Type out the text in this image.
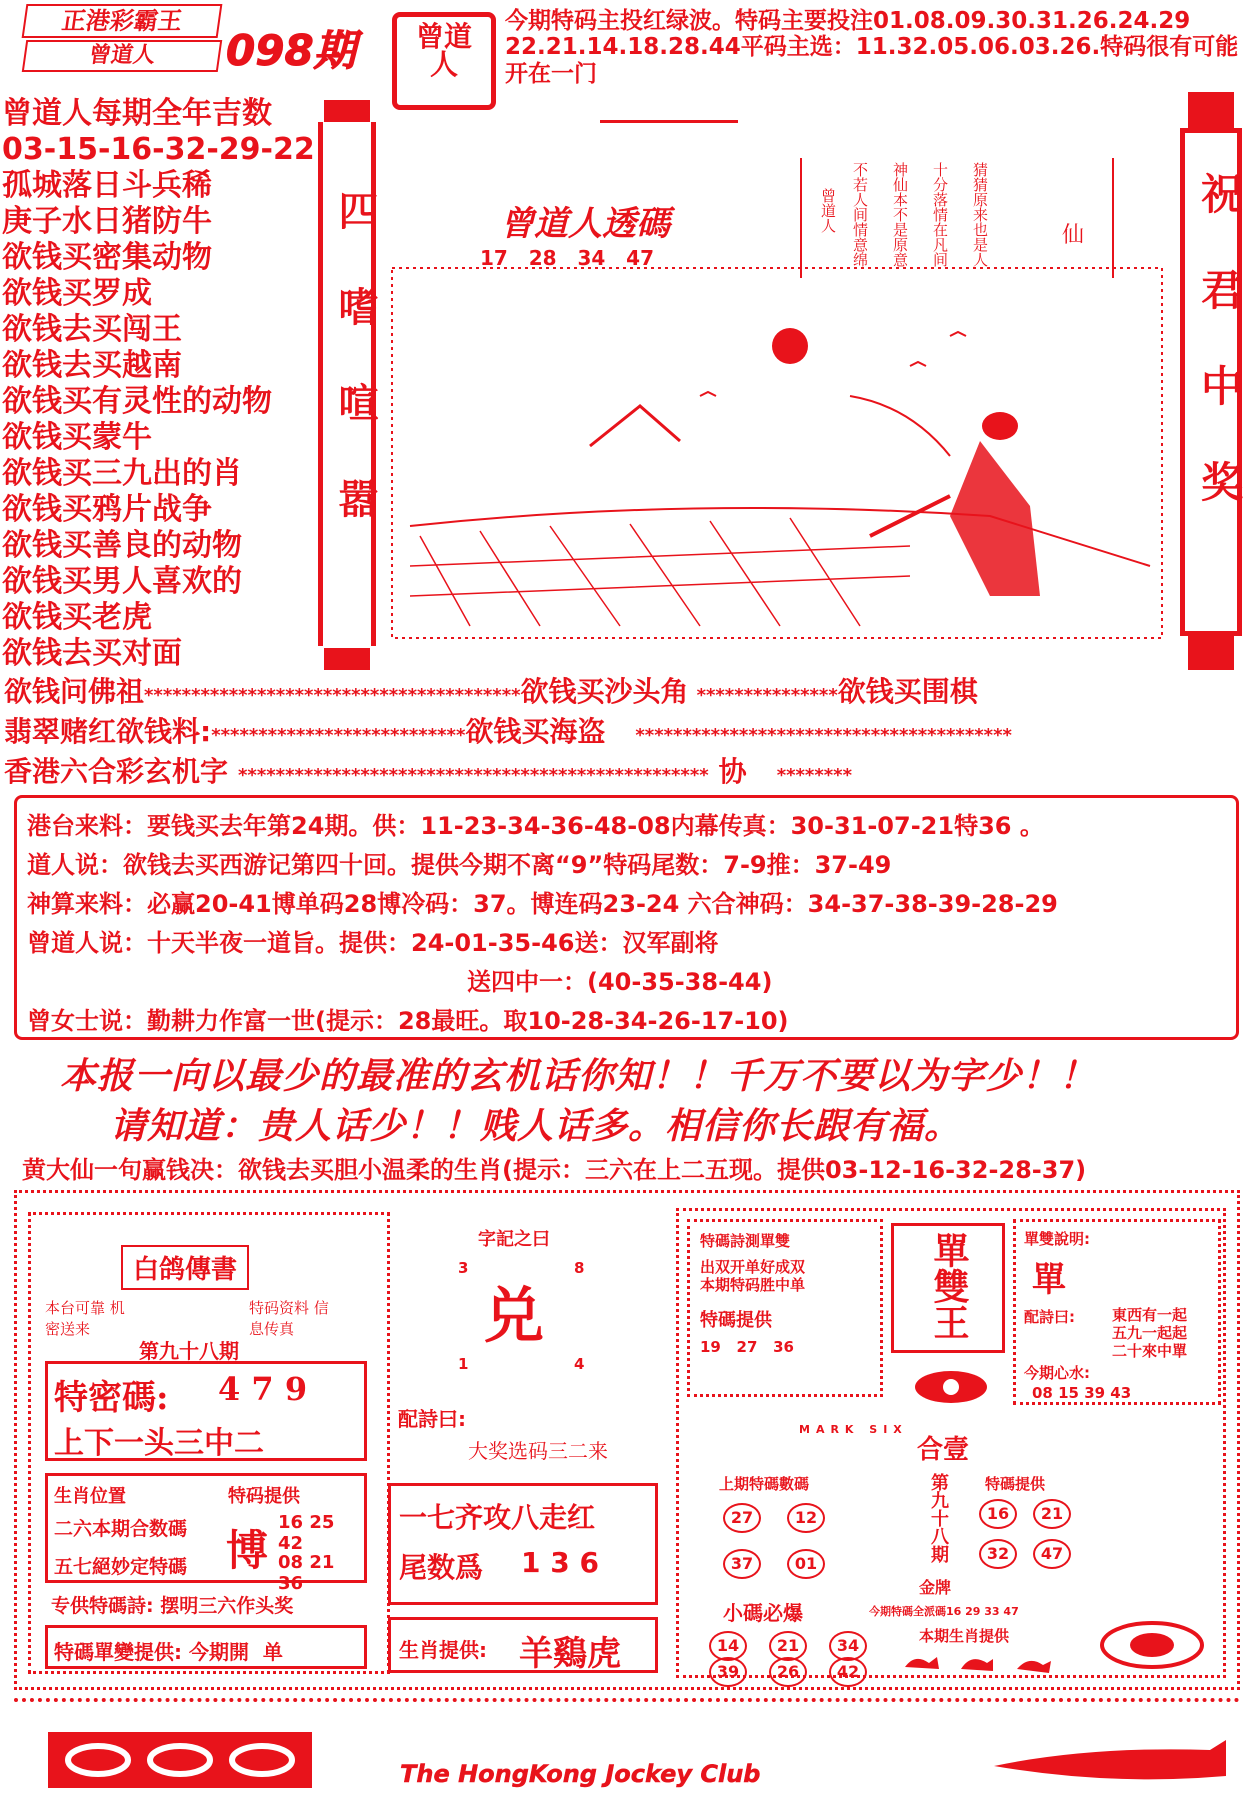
正港彩霸王
曾道人	098期 曾道人
今期特码主投红绿波。特码主要投注01.08.09.30.31.26.24.29
22.21.14.18.28.44平码主选：11.32.05.06.03.26.特码很有可能
开在一门
曾道人每期全年吉数
03-15-16-32-29-22
孤城落日斗兵稀
庚子水日猪防牛
欲钱买密集动物
欲钱买罗成
欲钱去买闯王
欲钱去买越南
欲钱买有灵性的动物
欲钱买蒙牛
欲钱买三九出的肖
欲钱买鸦片战争
欲钱买善良的动物
欲钱买男人喜欢的
欲钱买老虎
欲钱去买对面
四嗜喧嚣	祝君中奖
曾道人透碼
17   28   34   47
曾道人 不若人间情意绵 神仙本不是原意 十分落情在凡间 猜猜原来也是人	仙
欲钱问佛祖****************************************欲钱买沙头角 ***************欲钱买围棋
翡翠赌红欲钱料:***************************欲钱买海盗 ****************************************
香港六合彩玄机字 ************************************************** 协 ********
港台来料：要钱买去年第24期。供：11-23-34-36-48-08内幕传真：30-31-07-21特36 。
道人说：欲钱去买西游记第四十回。提供今期不离“9”特码尾数：7-9推：37-49
神算来料：必赢20-41博单码28博冷码：37。博连码23-24 六合神码：34-37-38-39-28-29
曾道人说：十天半夜一道旨。提供：24-01-35-46送：汉军副将
送四中一：(40-35-38-44)
曾女士说：勤耕力作富一世(提示：28最旺。取10-28-34-26-17-10)
本报一向以最少的最准的玄机话你知！！千万不要以为字少！！
请知道：贵人话少！！贱人话多。相信你长跟有福。
黄大仙一句赢钱决：欲钱去买胆小温柔的生肖(提示：三六在上二五现。提供03-12-16-32-28-37)
白鸽傳書
本台可靠 机密送来
特码资料 信息传真
第九十八期
特密碼: 4 7 9
上下一头三中二
生肖位置
二六本期合数碼
五七絕妙定特碼
特码提供
博
16 25 42
08 21 36
专供特碼詩: 摆明三六作头奖
特碼單變提供: 今期開  单
字記之曰
3	8
兑
1	4
配詩曰:
大奖选码三二来
一七齐攻八走红
尾数爲 1 3 6
生肖提供: 羊鷄虎
特碼詩測單雙
出双开单好成双
本期特码胜中单
特碼提供
19   27   36
單雙王	單雙說明:
單
配詩曰: 東西有一起
五九一起起
二十來中單
今期心水:
08 15 39 43
MARK SIX
合壹
上期特碼數碼
27	12
37	01
第九十八期
金牌
特碼提供
16	21
32	47
今期特碼全派碼16 29 33 47
小碼必爆
14	21	34
39	26	42
本期生肖提供
The HongKong Jockey Club
